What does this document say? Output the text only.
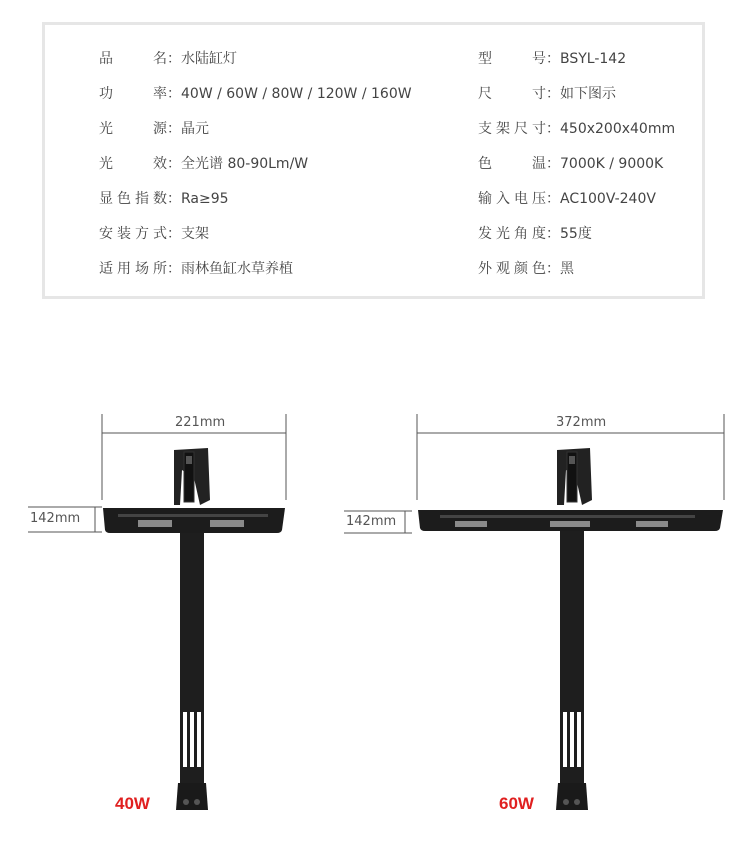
品名：水陆缸灯
功率：40W / 60W / 80W / 120W / 160W
光源：晶元
光效：全光谱 80-90Lm/W
显色指数：Ra≥95
安装方式：支架
适用场所：雨林鱼缸水草养植
型号：BSYL-142
尺寸：如下图示
支架尺寸：450x200x40mm
色温：7000K / 9000K
输入电压：AC100V-240V
发光角度：55度
外观颜色：黑
221mm
142mm
372mm
142mm
40W	60W
